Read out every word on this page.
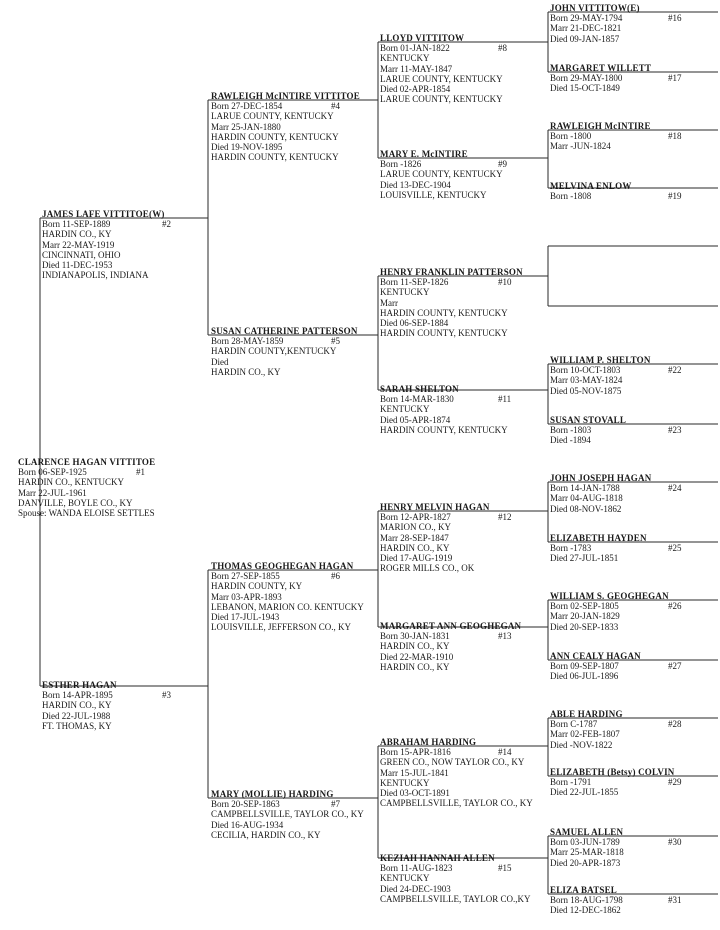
CLARENCE HAGAN VITTITOE
#1
Born 06-SEP-1925
HARDIN CO., KENTUCKY
Marr 22-JUL-1961
DANVILLE, BOYLE CO., KY
Spouse: WANDA ELOISE SETTLES
JAMES LAFE VITTITOE(W)
#2
Born 11-SEP-1889
HARDIN CO., KY
Marr 22-MAY-1919
CINCINNATI, OHIO
Died 11-DEC-1953
INDIANAPOLIS, INDIANA
ESTHER HAGAN
#3
Born 14-APR-1895
HARDIN CO., KY
Died 22-JUL-1988
FT. THOMAS, KY
RAWLEIGH McINTIRE VITTITOE
#4
Born 27-DEC-1854
LARUE COUNTY, KENTUCKY
Marr 25-JAN-1880
HARDIN COUNTY, KENTUCKY
Died 19-NOV-1895
HARDIN COUNTY, KENTUCKY
SUSAN CATHERINE PATTERSON
#5
Born 28-MAY-1859
HARDIN COUNTY,KENTUCKY
Died
HARDIN CO., KY
THOMAS GEOGHEGAN HAGAN
#6
Born 27-SEP-1855
HARDIN COUNTY, KY
Marr 03-APR-1893
LEBANON, MARION CO. KENTUCKY
Died 17-JUL-1943
LOUISVILLE, JEFFERSON CO., KY
MARY (MOLLIE) HARDING
#7
Born 20-SEP-1863
CAMPBELLSVILLE, TAYLOR CO., KY
Died 16-AUG-1934
CECILIA, HARDIN CO., KY
LLOYD VITTITOW
#8
Born 01-JAN-1822
KENTUCKY
Marr 11-MAY-1847
LARUE COUNTY, KENTUCKY
Died 02-APR-1854
LARUE COUNTY, KENTUCKY
MARY E. McINTIRE
#9
Born -1826
LARUE COUNTY, KENTUCKY
Died 13-DEC-1904
LOUISVILLE, KENTUCKY
HENRY FRANKLIN PATTERSON
#10
Born 11-SEP-1826
KENTUCKY
Marr
HARDIN COUNTY, KENTUCKY
Died 06-SEP-1884
HARDIN COUNTY, KENTUCKY
SARAH SHELTON
#11
Born 14-MAR-1830
KENTUCKY
Died 05-APR-1874
HARDIN COUNTY, KENTUCKY
HENRY MELVIN HAGAN
#12
Born 12-APR-1827
MARION CO., KY
Marr 28-SEP-1847
HARDIN CO., KY
Died 17-AUG-1919
ROGER MILLS CO., OK
MARGARET ANN GEOGHEGAN
#13
Born 30-JAN-1831
HARDIN CO., KY
Died 22-MAR-1910
HARDIN CO., KY
ABRAHAM HARDING
#14
Born 15-APR-1816
GREEN CO., NOW TAYLOR CO., KY
Marr 15-JUL-1841
KENTUCKY
Died 03-OCT-1891
CAMPBELLSVILLE, TAYLOR CO., KY
KEZIAH HANNAH ALLEN
#15
Born 11-AUG-1823
KENTUCKY
Died 24-DEC-1903
CAMPBELLSVILLE, TAYLOR CO.,KY
JOHN VITTITOW(E)
#16
Born 29-MAY-1794
Marr 21-DEC-1821
Died 09-JAN-1857
MARGARET WILLETT
#17
Born 29-MAY-1800
Died 15-OCT-1849
RAWLEIGH McINTIRE
#18
Born -1800
Marr -JUN-1824
MELVINA ENLOW
#19
Born -1808
WILLIAM P. SHELTON
#22
Born 10-OCT-1803
Marr 03-MAY-1824
Died 05-NOV-1875
SUSAN STOVALL
#23
Born -1803
Died -1894
JOHN JOSEPH HAGAN
#24
Born 14-JAN-1788
Marr 04-AUG-1818
Died 08-NOV-1862
ELIZABETH HAYDEN
#25
Born -1783
Died 27-JUL-1851
WILLIAM S. GEOGHEGAN
#26
Born 02-SEP-1805
Marr 20-JAN-1829
Died 20-SEP-1833
ANN CEALY HAGAN
#27
Born 09-SEP-1807
Died 06-JUL-1896
ABLE HARDING
#28
Born C-1787
Marr 02-FEB-1807
Died -NOV-1822
ELIZABETH (Betsy) COLVIN
#29
Born -1791
Died 22-JUL-1855
SAMUEL ALLEN
#30
Born 03-JUN-1789
Marr 25-MAR-1818
Died 20-APR-1873
ELIZA BATSEL
#31
Born 18-AUG-1798
Died 12-DEC-1862
